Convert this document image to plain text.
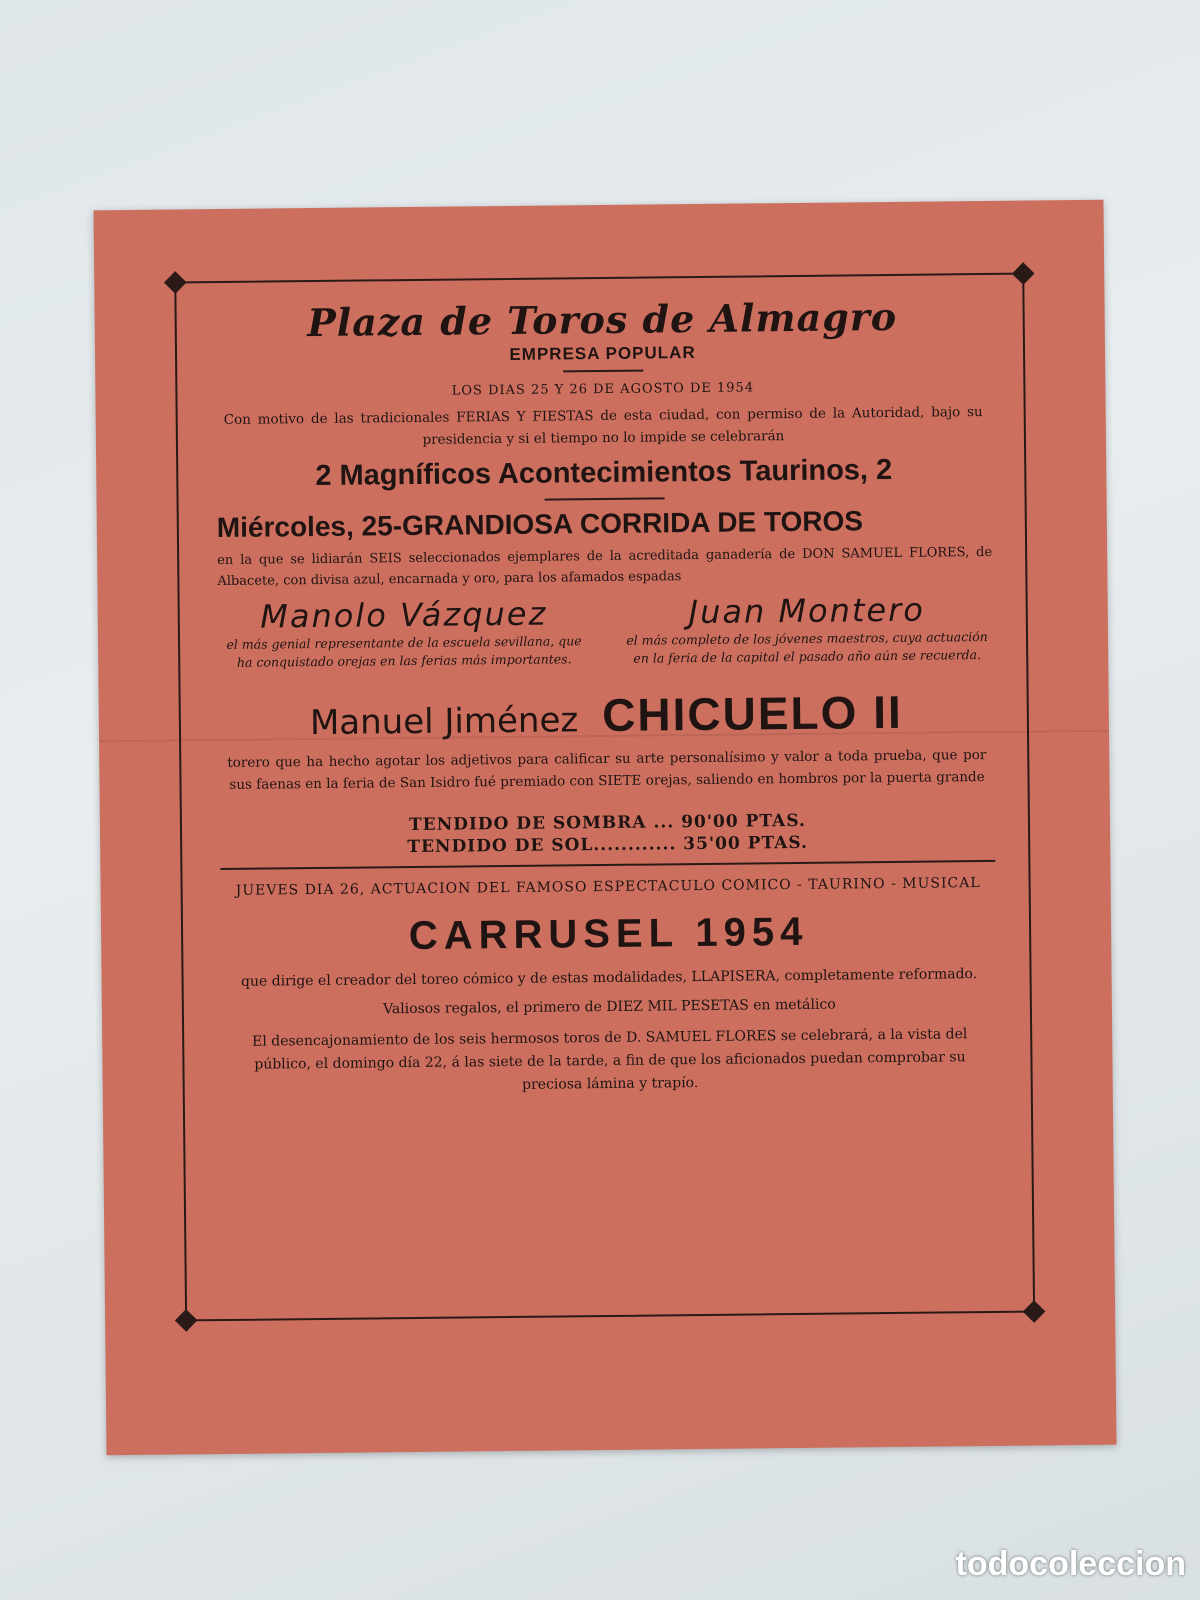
Plaza de Toros de Almagro
EMPRESA POPULAR
LOS DIAS 25 Y 26 DE AGOSTO DE 1954
Con motivo de las tradicionales FERIAS Y FIESTAS de esta ciudad, con permiso de la Autoridad, bajo su presidencia y si el tiempo no lo impide se celebrarán
2 Magníficos Acontecimientos Taurinos, 2
Miércoles, 25-GRANDIOSA CORRIDA DE TOROS
en la que se lidiarán SEIS seleccionados ejemplares de la acreditada ganadería de DON SAMUEL FLORES, de Albacete, con divisa azul, encarnada y oro, para los afamados espadas
Manolo Vázquez
el más genial representante de la escuela sevillana, que ha conquistado orejas en las ferias más importantes.
Juan Montero
el más completo de los jóvenes maestros, cuya actuación en la feria de la capital el pasado año aún se recuerda.
Manuel Jiménez CHICUELO II
torero que ha hecho agotar los adjetivos para calificar su arte personalísimo y valor a toda prueba, que por sus faenas en la feria de San Isidro fué premiado con SIETE orejas, saliendo en hombros por la puerta grande
TENDIDO DE SOMBRA ... 90'00 PTAS.
TENDIDO DE SOL............ 35'00 PTAS.
JUEVES DIA 26, ACTUACION DEL FAMOSO ESPECTACULO COMICO - TAURINO - MUSICAL
CARRUSEL 1954
que dirige el creador del toreo cómico y de estas modalidades, LLAPISERA, completamente reformado.
Valiosos regalos, el primero de DIEZ MIL PESETAS en metálico
El desencajonamiento de los seis hermosos toros de D. SAMUEL FLORES se celebrará, a la vista del público, el domingo día 22, á las siete de la tarde, a fin de que los aficionados puedan comprobar su preciosa lámina y trapío.
todocoleccion
